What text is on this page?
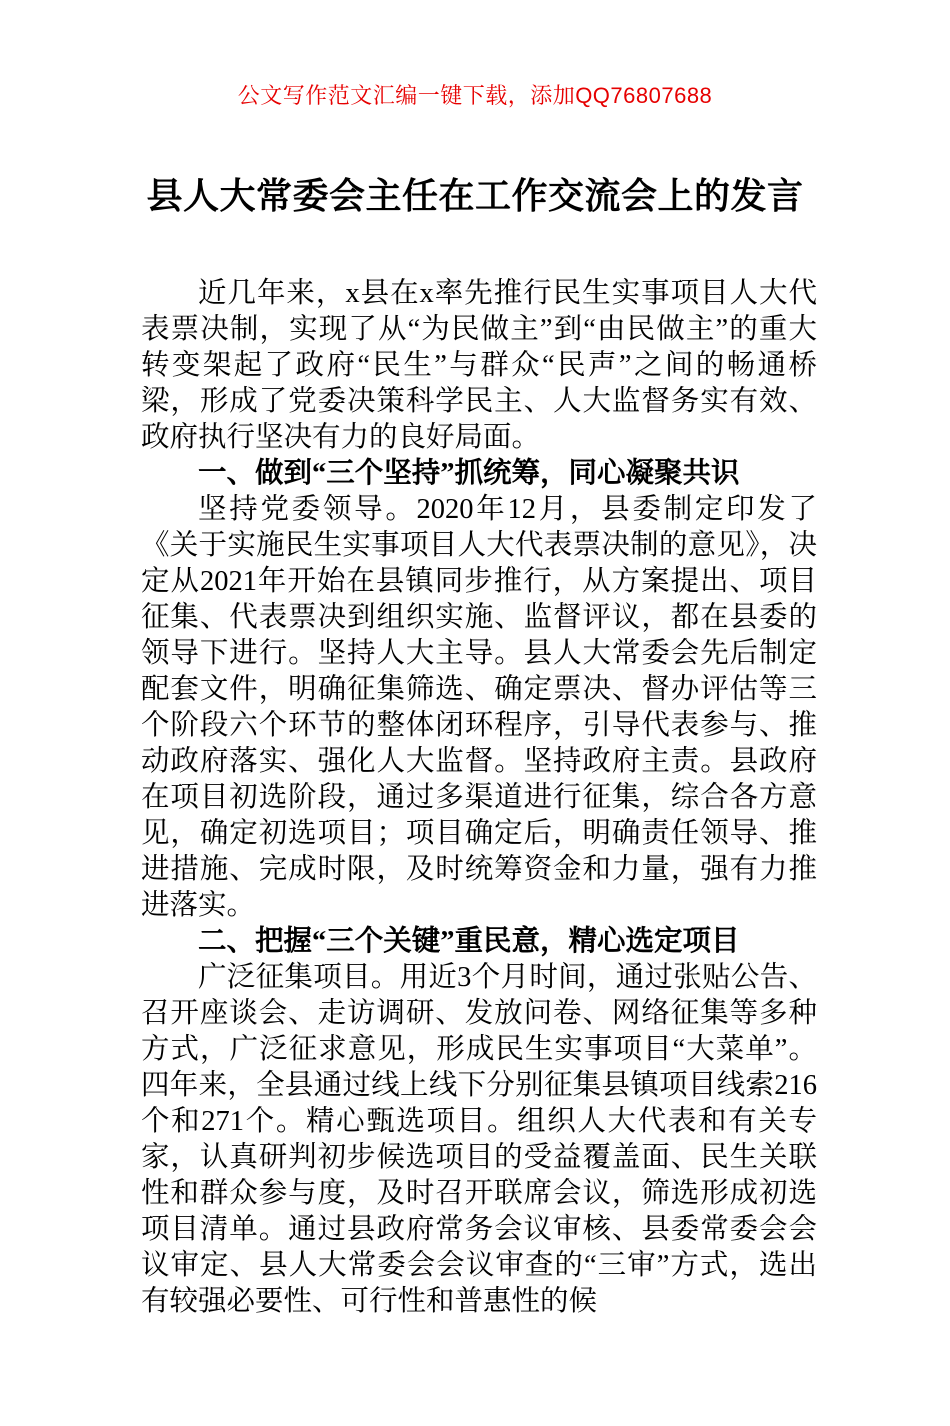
公文写作范文汇编一键下载，添加QQ76807688
县人大常委会主任在工作交流会上的发言

近几年来，x县在x率先推行民生实事项目人大代表票决制，实现了从“为民做主”到“由民做主”的重大转变架起了政府“民生”与群众“民声”之间的畅通桥梁，形成了党委决策科学民主、人大监督务实有效、政府执行坚决有力的良好局面。

一、做到“三个坚持”抓统筹，同心凝聚共识

坚持党委领导。2020年12月，县委制定印发了《关于实施民生实事项目人大代表票决制的意见》，决定从2021年开始在县镇同步推行，从方案提出、项目征集、代表票决到组织实施、监督评议，都在县委的领导下进行。坚持人大主导。县人大常委会先后制定配套文件，明确征集筛选、确定票决、督办评估等三个阶段六个环节的整体闭环程序，引导代表参与、推动政府落实、强化人大监督。坚持政府主责。县政府在项目初选阶段，通过多渠道进行征集，综合各方意见，确定初选项目；项目确定后，明确责任领导、推进措施、完成时限，及时统筹资金和力量，强有力推进落实。

二、把握“三个关键”重民意，精心选定项目

广泛征集项目。用近3个月时间，通过张贴公告、召开座谈会、走访调研、发放问卷、网络征集等多种方式，广泛征求意见，形成民生实事项目“大菜单”。四年来，全县通过线上线下分别征集县镇项目线索216个和271个。精心甄选项目。组织人大代表和有关专家，认真研判初步候选项目的受益覆盖面、民生关联性和群众参与度，及时召开联席会议，筛选形成初选项目清单。通过县政府常务会议审核、县委常委会会议审定、县人大常委会会议审查的“三审”方式，选出有较强必要性、可行性和普惠性的候
